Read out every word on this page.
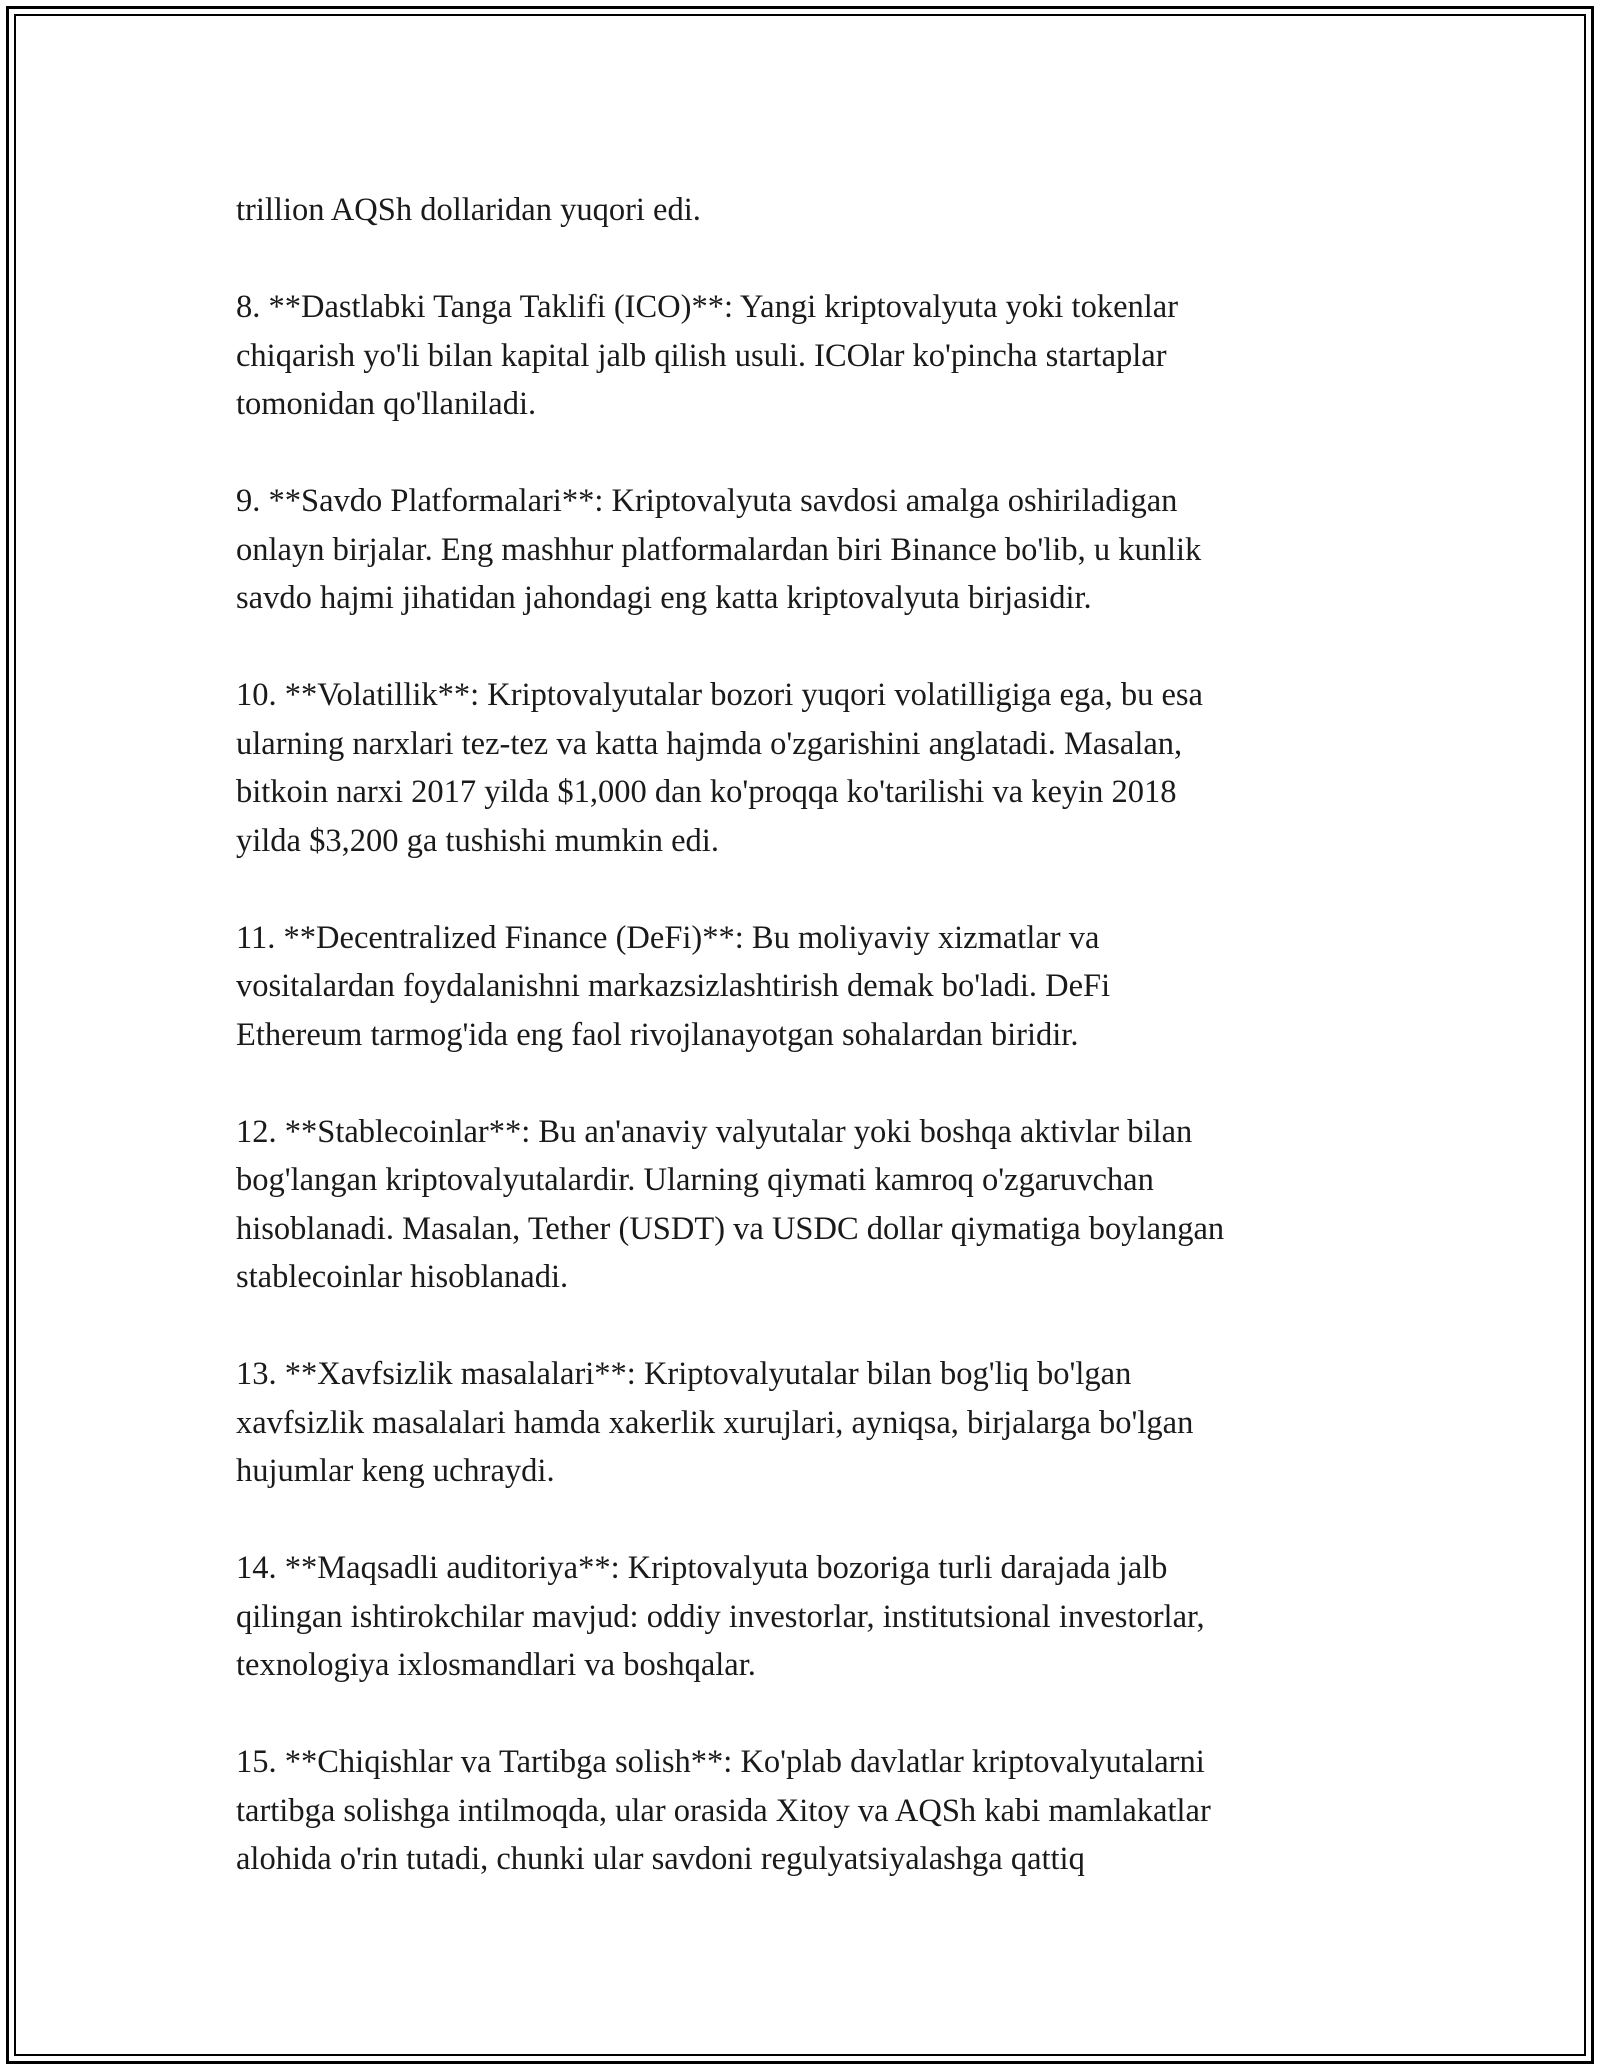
trillion AQSh dollaridan yuqori edi.

8. **Dastlabki Tanga Taklifi (ICO)**: Yangi kriptovalyuta yoki tokenlar
chiqarish yo'li bilan kapital jalb qilish usuli. ICOlar ko'pincha startaplar
tomonidan qo'llaniladi.

9. **Savdo Platformalari**: Kriptovalyuta savdosi amalga oshiriladigan
onlayn birjalar. Eng mashhur platformalardan biri Binance bo'lib, u kunlik
savdo hajmi jihatidan jahondagi eng katta kriptovalyuta birjasidir.

10. **Volatillik**: Kriptovalyutalar bozori yuqori volatilligiga ega, bu esa
ularning narxlari tez-tez va katta hajmda o'zgarishini anglatadi. Masalan,
bitkoin narxi 2017 yilda $1,000 dan ko'proqqa ko'tarilishi va keyin 2018
yilda $3,200 ga tushishi mumkin edi.

11. **Decentralized Finance (DeFi)**: Bu moliyaviy xizmatlar va
vositalardan foydalanishni markazsizlashtirish demak bo'ladi. DeFi
Ethereum tarmog'ida eng faol rivojlanayotgan sohalardan biridir.

12. **Stablecoinlar**: Bu an'anaviy valyutalar yoki boshqa aktivlar bilan
bog'langan kriptovalyutalardir. Ularning qiymati kamroq o'zgaruvchan
hisoblanadi. Masalan, Tether (USDT) va USDC dollar qiymatiga boylangan
stablecoinlar hisoblanadi.

13. **Xavfsizlik masalalari**: Kriptovalyutalar bilan bog'liq bo'lgan
xavfsizlik masalalari hamda xakerlik xurujlari, ayniqsa, birjalarga bo'lgan
hujumlar keng uchraydi.

14. **Maqsadli auditoriya**: Kriptovalyuta bozoriga turli darajada jalb
qilingan ishtirokchilar mavjud: oddiy investorlar, institutsional investorlar,
texnologiya ixlosmandlari va boshqalar.

15. **Chiqishlar va Tartibga solish**: Ko'plab davlatlar kriptovalyutalarni
tartibga solishga intilmoqda, ular orasida Xitoy va AQSh kabi mamlakatlar
alohida o'rin tutadi, chunki ular savdoni regulyatsiyalashga qattiq
